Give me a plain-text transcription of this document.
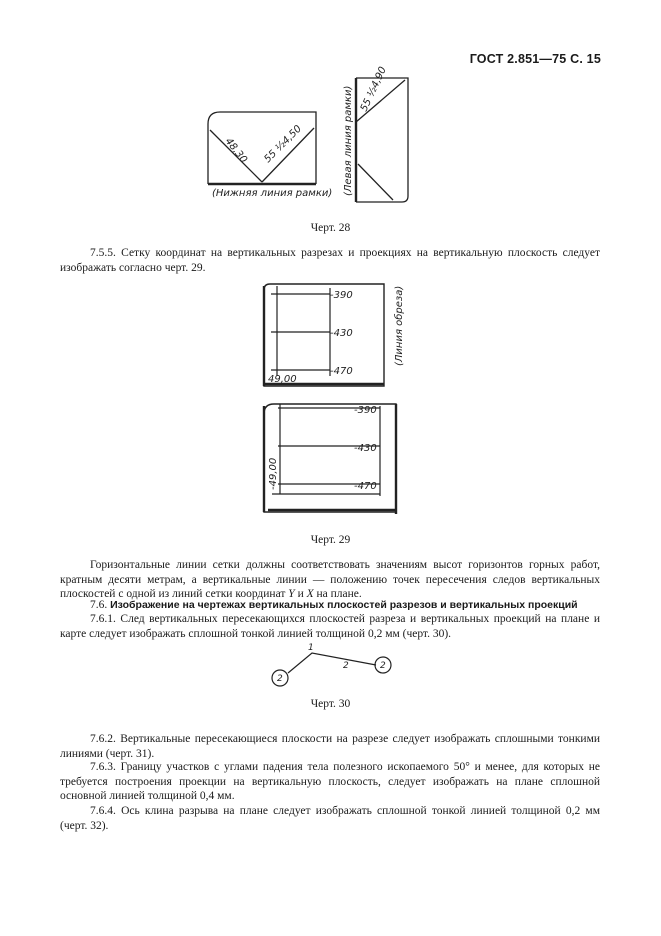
ГОСТ 2.851—75 С. 15
48,30 55 ½4,50
(Нижняя линия рамки)
55 ½4,90
(Левая линия рамки)
Черт. 28

7.5.5. Сетку координат на вертикальных разрезах и проекциях на вертикальную плоскость следует изображать согласно черт. 29.

-390
-430
-470
49,00
(Линия обреза)
-390
-430
-470
-49,00
Черт. 29

Горизонтальные линии сетки должны соответствовать значениям высот горизонтов горных работ, кратным десяти метрам, а вертикальные линии — положению точек пересечения следов вертикальных плоскостей с одной из линий сетки координат Y и X на плане.

7.6. Изображение на чертежах вертикальных плоскостей разрезов и вертикальных проекций

7.6.1. След вертикальных пересекающихся плоскостей разреза и вертикальных проекций на плане и карте следует изображать сплошной тонкой линией толщиной 0,2 мм (черт. 30).

2
2
1
2
Черт. 30

7.6.2. Вертикальные пересекающиеся плоскости на разрезе следует изображать сплошными тонкими линиями (черт. 31).

7.6.3. Границу участков с углами падения тела полезного ископаемого 50° и менее, для которых не требуется построения проекции на вертикальную плоскость, следует изображать на плане сплошной основной линией толщиной 0,4 мм.

7.6.4. Ось клина разрыва на плане следует изображать сплошной тонкой линией толщиной 0,2 мм (черт. 32).
